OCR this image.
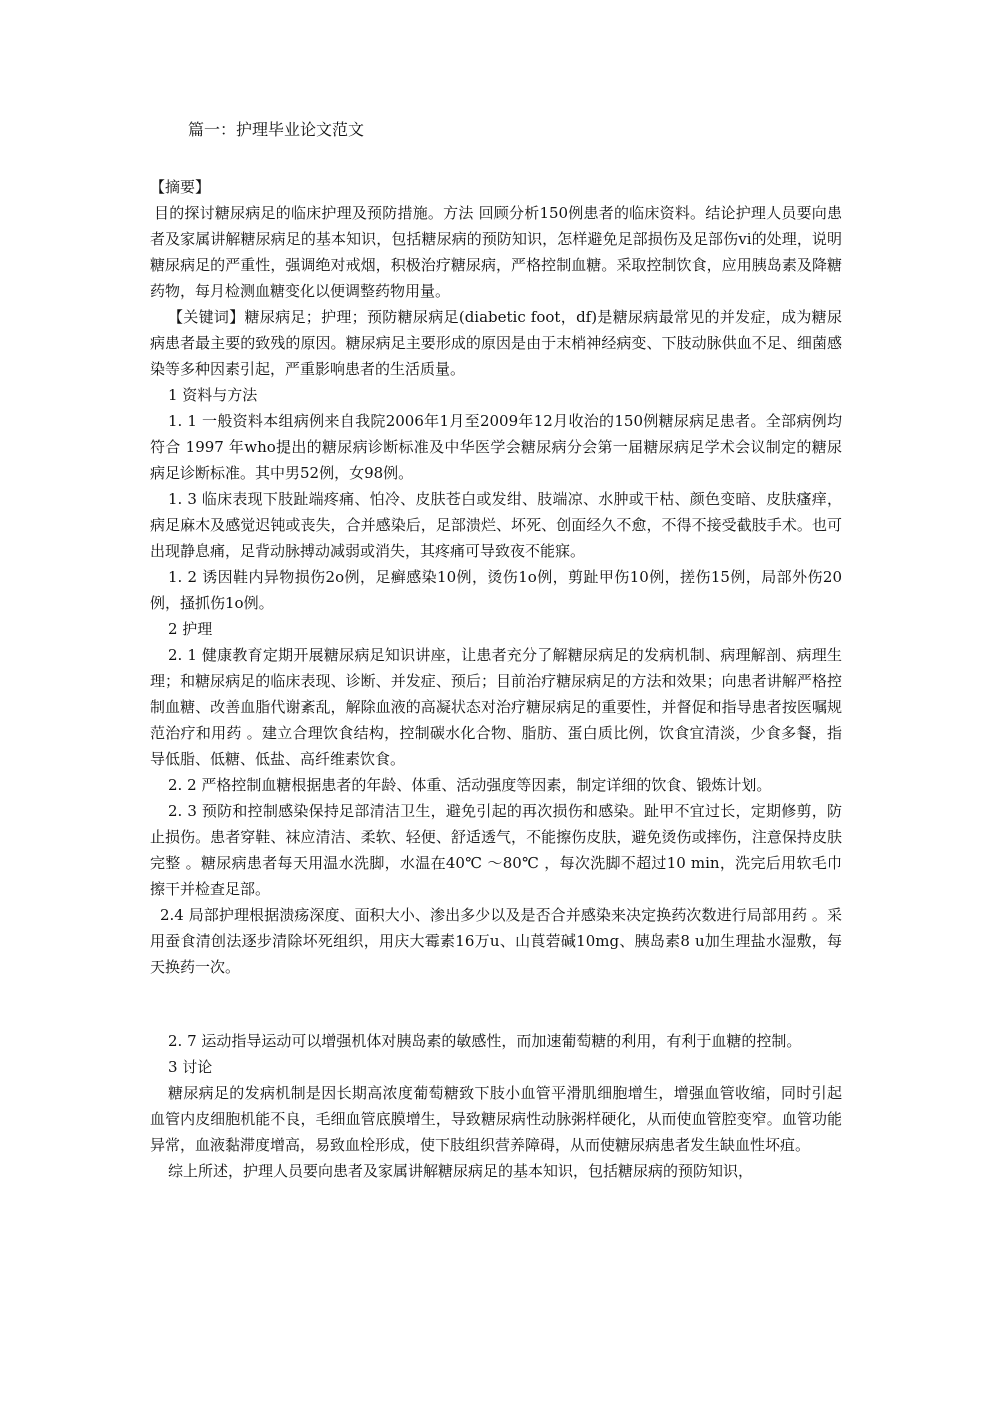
篇一：护理毕业论文范文
【摘要】
目的探讨糖尿病足的临床护理及预防措施。方法 回顾分析150例患者的临床资料。结论护理人员要向患者及家属讲解糖尿病足的基本知识，包括糖尿病的预防知识，怎样避免足部损伤及足部伤vi的处理，说明糖尿病足的严重性，强调绝对戒烟，积极治疗糖尿病，严格控制血糖。采取控制饮食，应用胰岛素及降糖药物，每月检测血糖变化以便调整药物用量。
【关键词】糖尿病足；护理；预防糖尿病足(diabetic foot，df)是糖尿病最常见的并发症，成为糖尿病患者最主要的致残的原因。糖尿病足主要形成的原因是由于末梢神经病变、下肢动脉供血不足、细菌感染等多种因素引起，严重影响患者的生活质量。
1 资料与方法
1. 1 一般资料本组病例来自我院2006年1月至2009年12月收治的150例糖尿病足患者。全部病例均符合 1997 年who提出的糖尿病诊断标准及中华医学会糖尿病分会第一届糖尿病足学术会议制定的糖尿病足诊断标准。其中男52例，女98例。
1. 3 临床表现下肢趾端疼痛、怕冷、皮肤苍白或发绀、肢端凉、水肿或干枯、颜色变暗、皮肤瘙痒，病足麻木及感觉迟钝或丧失，合并感染后，足部溃烂、坏死、创面经久不愈，不得不接受截肢手术。也可出现静息痛，足背动脉搏动减弱或消失，其疼痛可导致夜不能寐。
1. 2 诱因鞋内异物损伤2o例，足癣感染10例，烫伤1o例，剪趾甲伤10例，搓伤15例，局部外伤20例，搔抓伤1o例。
2 护理
2. 1 健康教育定期开展糖尿病足知识讲座，让患者充分了解糖尿病足的发病机制、病理解剖、病理生理；和糖尿病足的临床表现、诊断、并发症、预后；目前治疗糖尿病足的方法和效果；向患者讲解严格控制血糖、改善血脂代谢紊乱，解除血液的高凝状态对治疗糖尿病足的重要性，并督促和指导患者按医嘱规范治疗和用药 。建立合理饮食结构，控制碳水化合物、脂肪、蛋白质比例，饮食宜清淡，少食多餐，指导低脂、低糖、低盐、高纤维素饮食。
2. 2 严格控制血糖根据患者的年龄、体重、活动强度等因素，制定详细的饮食、锻炼计划。
2. 3 预防和控制感染保持足部清洁卫生，避免引起的再次损伤和感染。趾甲不宜过长，定期修剪，防止损伤。患者穿鞋、袜应清洁、柔软、轻便、舒适透气，不能擦伤皮肤，避免烫伤或摔伤，注意保持皮肤完整 。糖尿病患者每天用温水洗脚，水温在40℃ ～80℃ ，每次洗脚不超过10 min，洗完后用软毛巾擦干并检查足部。
2.4 局部护理根据溃疡深度、面积大小、渗出多少以及是否合并感染来决定换药次数进行局部用药 。采用蚕食清创法逐步清除坏死组织，用庆大霉素16万u、山莨菪碱10mg、胰岛素8 u加生理盐水湿敷，每天换药一次。
2. 7 运动指导运动可以增强机体对胰岛素的敏感性，而加速葡萄糖的利用，有利于血糖的控制。
3 讨论
糖尿病足的发病机制是因长期高浓度葡萄糖致下肢小血管平滑肌细胞增生，增强血管收缩，同时引起血管内皮细胞机能不良，毛细血管底膜增生，导致糖尿病性动脉粥样硬化，从而使血管腔变窄。血管功能异常，血液黏滞度增高，易致血栓形成，使下肢组织营养障碍，从而使糖尿病患者发生缺血性坏疽。
综上所述，护理人员要向患者及家属讲解糖尿病足的基本知识，包括糖尿病的预防知识，
